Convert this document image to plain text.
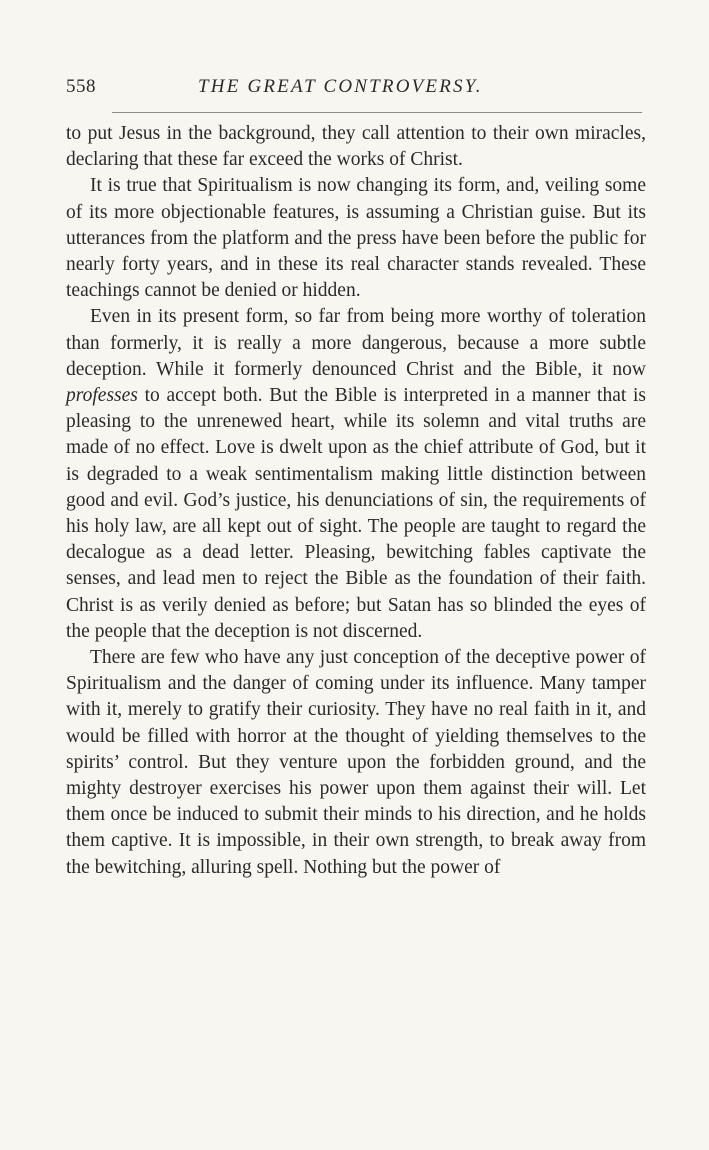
558	THE GREAT CONTROVERSY.

to put Jesus in the background, they call attention to their own miracles, declaring that these far exceed the works of Christ.

It is true that Spiritualism is now changing its form, and, veiling some of its more objectionable features, is assuming a Christian guise. But its utterances from the platform and the press have been before the public for nearly forty years, and in these its real character stands revealed. These teachings cannot be denied or hidden.

Even in its present form, so far from being more worthy of toleration than formerly, it is really a more dangerous, because a more subtle deception. While it formerly denounced Christ and the Bible, it now professes to accept both. But the Bible is interpreted in a manner that is pleasing to the unrenewed heart, while its solemn and vital truths are made of no effect. Love is dwelt upon as the chief attribute of God, but it is degraded to a weak sentimentalism making little distinction between good and evil. God’s justice, his denunciations of sin, the requirements of his holy law, are all kept out of sight. The people are taught to regard the decalogue as a dead letter. Pleasing, bewitching fables captivate the senses, and lead men to reject the Bible as the foundation of their faith. Christ is as verily denied as before; but Satan has so blinded the eyes of the people that the deception is not discerned.

There are few who have any just conception of the deceptive power of Spiritualism and the danger of coming under its influence. Many tamper with it, merely to gratify their curiosity. They have no real faith in it, and would be filled with horror at the thought of yielding themselves to the spirits’ control. But they venture upon the forbidden ground, and the mighty destroyer exercises his power upon them against their will. Let them once be induced to submit their minds to his direction, and he holds them captive. It is impossible, in their own strength, to break away from the bewitching, alluring spell. Nothing but the power of
